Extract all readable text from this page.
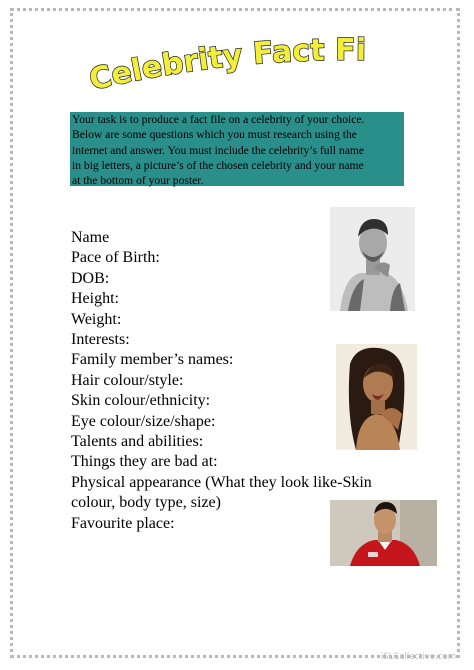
Celebrity Fact File:
Your task is to produce a fact file on a celebrity of your choice.
Below are some questions which you must research using the
internet and answer. You must include the celebrity’s full name
in big letters, a picture’s of the chosen celebrity and your name
at the bottom of your poster.
Name
Pace of Birth:
DOB:
Height:
Weight:
Interests:
Family member’s names:
Hair colour/style:
Skin colour/ethnicity:
Eye colour/size/shape:
Talents and abilities:
Things they are bad at:
Physical appearance (What they look like-Skin
colour, body type, size)
Favourite place:
iSLCollective.com
